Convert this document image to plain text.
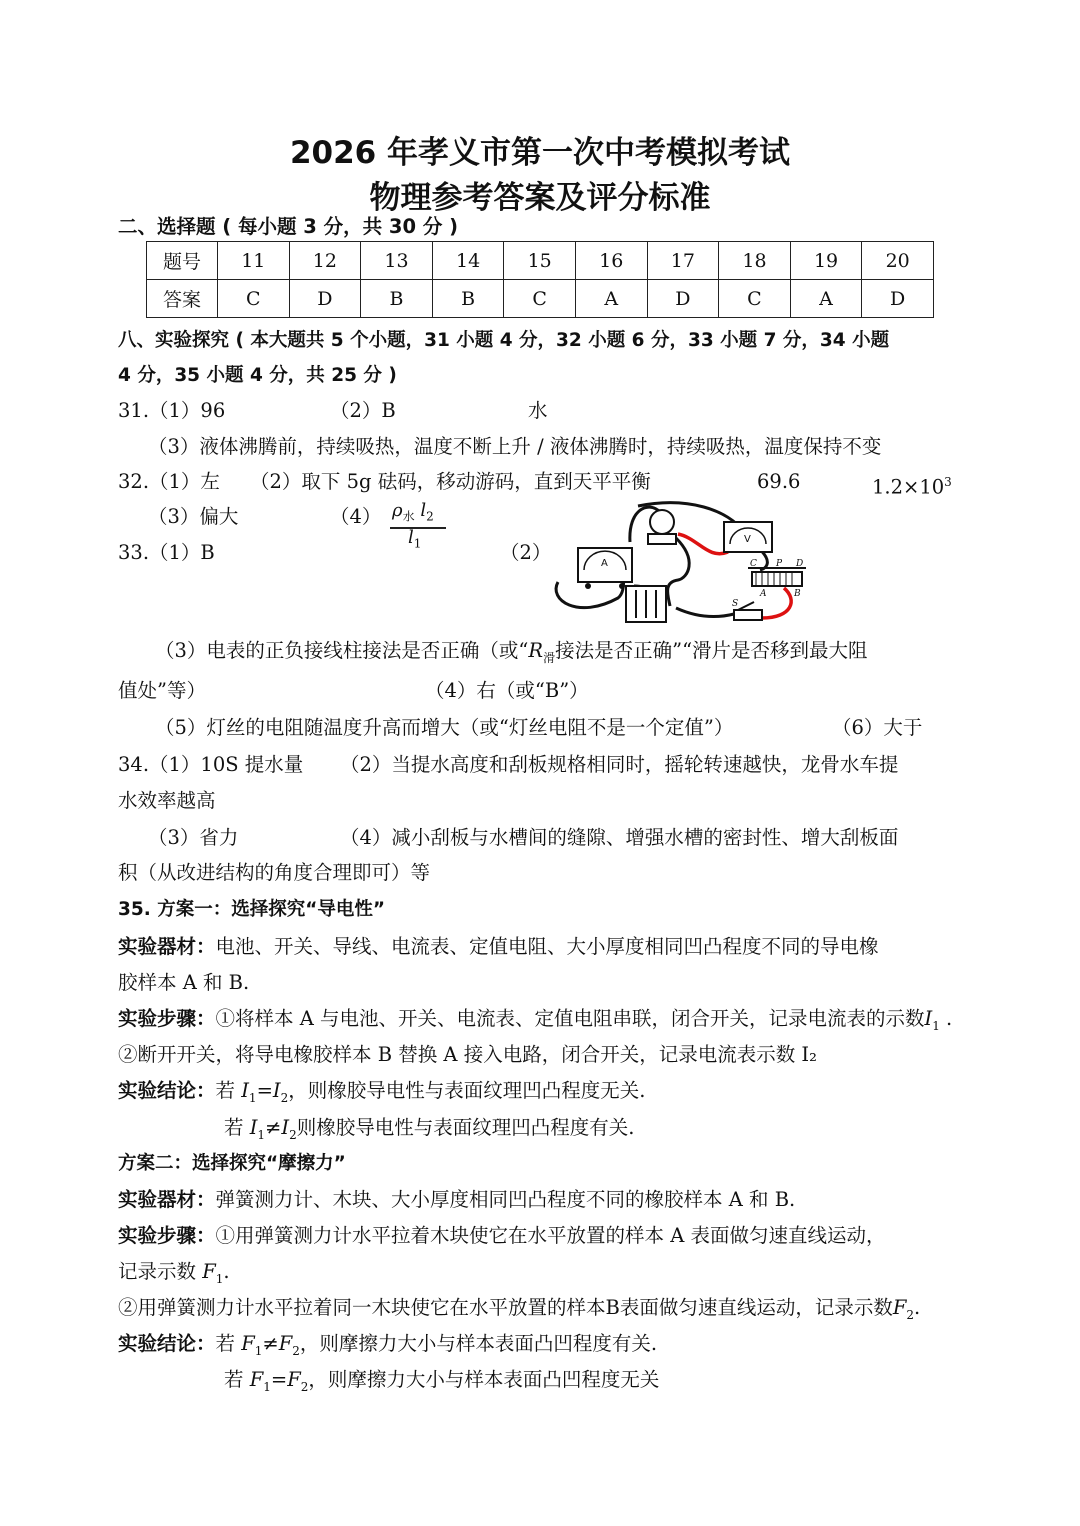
2026 年孝义市第一次中考模拟考试
物理参考答案及评分标准
二、选择题 ( 每小题 3 分，共 30 分 )
题号	11	12	13	14	15	16	17	18	19	20
答案	C	D	B	B	C	A	D	C	A	D
八、实验探究 ( 本大题共 5 个小题，31 小题 4 分，32 小题 6 分，33 小题 7 分，34 小题
4 分，35 小题 4 分，共 25 分 )
31.（1）96	（2）B	水
（3）液体沸腾前，持续吸热，温度不断上升 / 液体沸腾时，持续吸热，温度保持不变
32.（1）左 （2）取下 5g 砝码，移动游码，直到天平平衡	69.6	$1.2\times 10^3$
（3）偏大	（4） $\rho_水$ $l_2$
$l_1$
33.（1）B	（2）	A
V
C P D
A	B
S
（3）电表的正负接线柱接法是否正确（或“$R_滑$接法是否正确”“滑片是否移到最大阻
值处”等）	（4）右（或“B”）
（5）灯丝的电阻随温度升高而增大（或“灯丝电阻不是一个定值”）	（6）大于
34.（1）10S 提水量 （2）当提水高度和刮板规格相同时，摇轮转速越快，龙骨水车提
水效率越高
（3）省力	（4）减小刮板与水槽间的缝隙、增强水槽的密封性、增大刮板面
积（从改进结构的角度合理即可）等
35. 方案一：选择探究“导电性”
实验器材：电池、开关、导线、电流表、定值电阻、大小厚度相同凹凸程度不同的导电橡
胶样本 A 和 B.
实验步骤：①将样本 A 与电池、开关、电流表、定值电阻串联，闭合开关，记录电流表的示数$I_1$ .
②断开开关，将导电橡胶样本 B 替换 A 接入电路，闭合开关，记录电流表示数 I₂
实验结论：若 $I_1=I_2$，则橡胶导电性与表面纹理凹凸程度无关.
若 $I_1\ne I_2$则橡胶导电性与表面纹理凹凸程度有关.
方案二：选择探究“摩擦力”
实验器材：弹簧测力计、木块、大小厚度相同凹凸程度不同的橡胶样本 A 和 B.
实验步骤：①用弹簧测力计水平拉着木块使它在水平放置的样本 A 表面做匀速直线运动，
记录示数 $F_1$.
②用弹簧测力计水平拉着同一木块使它在水平放置的样本B表面做匀速直线运动，记录示数$F_2$.
实验结论：若 $F_1\ne F_2$，则摩擦力大小与样本表面凸凹程度有关.
若 $F_1=F_2$，则摩擦力大小与样本表面凸凹程度无关
